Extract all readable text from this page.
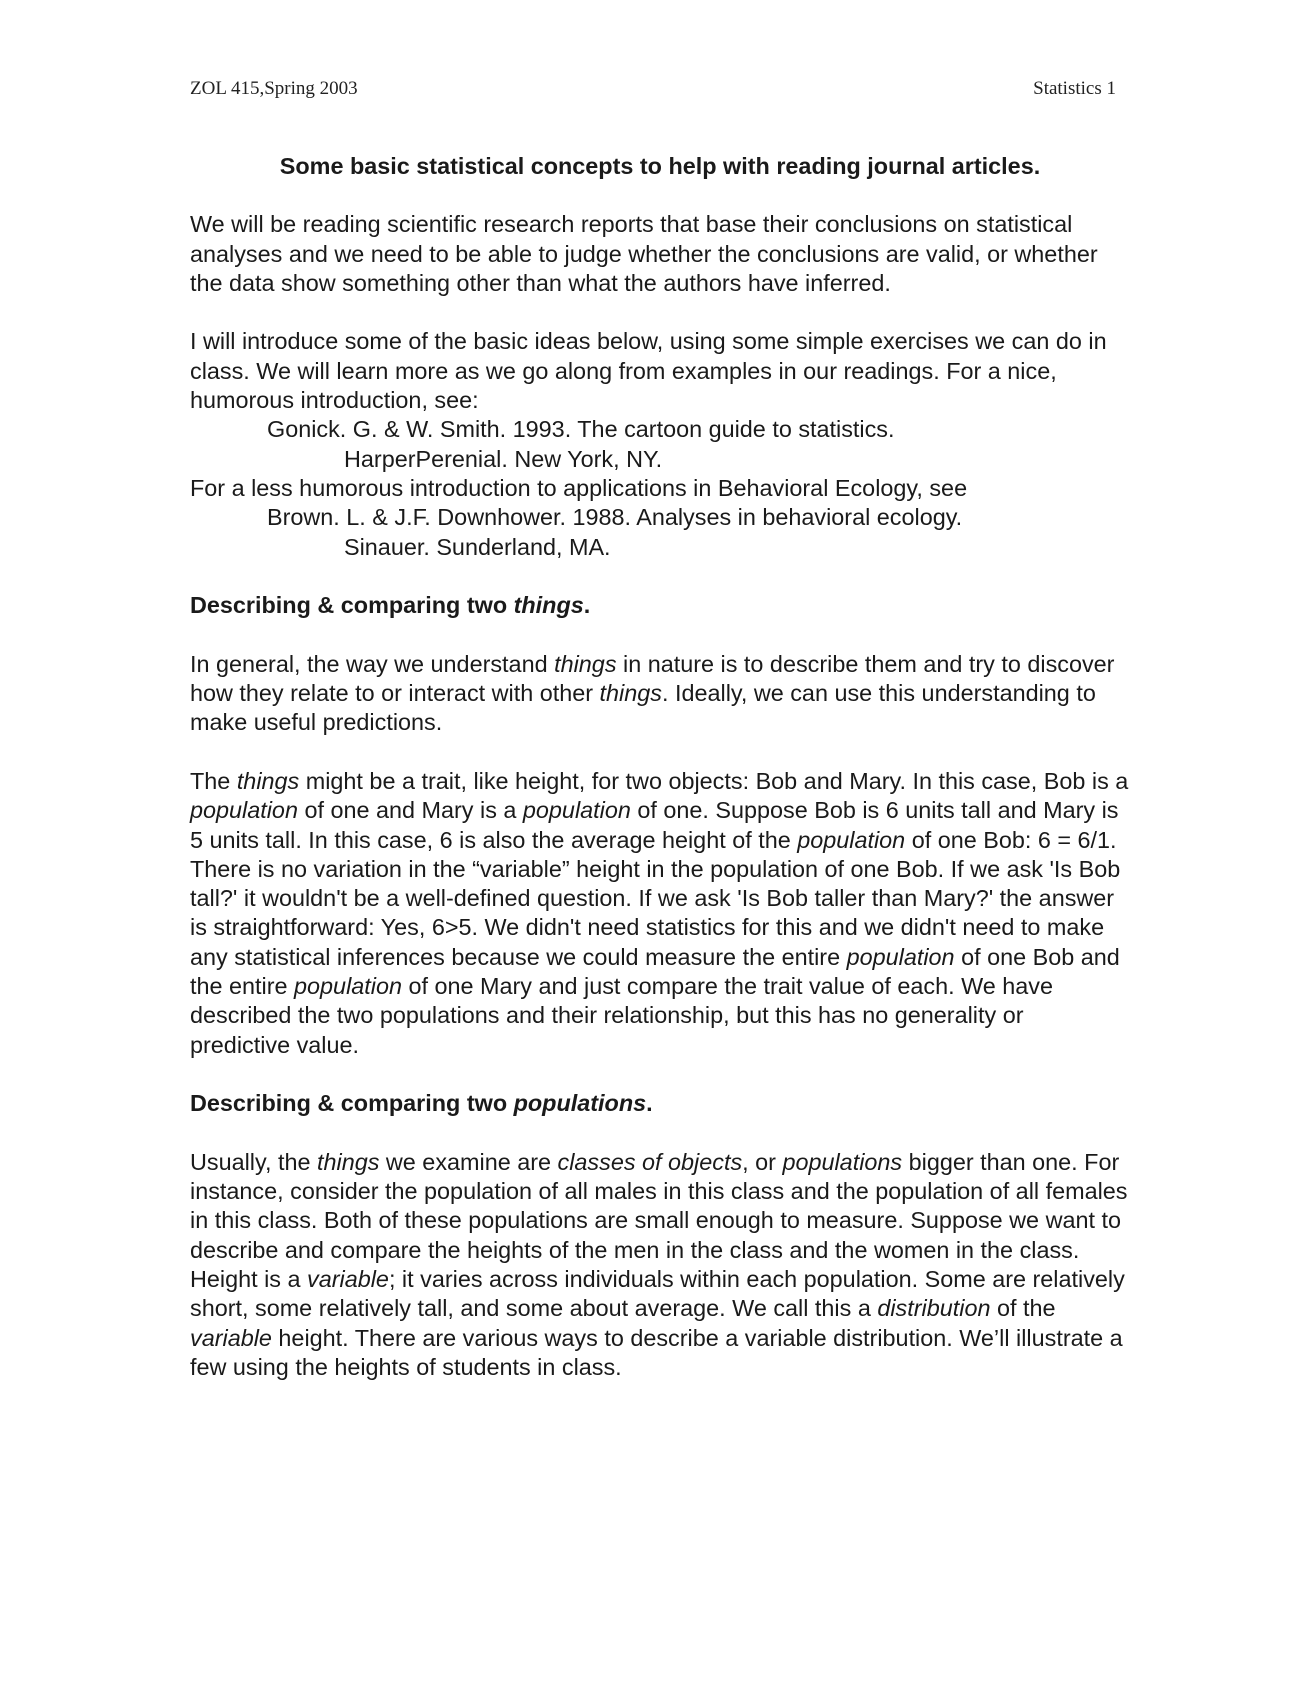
ZOL 415,Spring 2003	Statistics 1
Some basic statistical concepts to help with reading journal articles.

We will be reading scientific research reports that base their conclusions on statistical analyses and we need to be able to judge whether the conclusions are valid, or whether the data show something other than what the authors have inferred.

I will introduce some of the basic ideas below, using some simple exercises we can do in class. We will learn more as we go along from examples in our readings. For a nice, humorous introduction, see:
Gonick. G. & W. Smith. 1993. The cartoon guide to statistics.
HarperPerenial. New York, NY.
For a less humorous introduction to applications in Behavioral Ecology, see
Brown. L. & J.F. Downhower. 1988. Analyses in behavioral ecology.
Sinauer. Sunderland, MA.

Describing & comparing two things.

In general, the way we understand things in nature is to describe them and try to discover how they relate to or interact with other things. Ideally, we can use this understanding to make useful predictions.

The things might be a trait, like height, for two objects: Bob and Mary. In this case, Bob is a population of one and Mary is a population of one. Suppose Bob is 6 units tall and Mary is 5 units tall. In this case, 6 is also the average height of the population of one Bob: 6 = 6/1. There is no variation in the “variable” height in the population of one Bob. If we ask 'Is Bob tall?' it wouldn't be a well-defined question. If we ask 'Is Bob taller than Mary?' the answer is straightforward: Yes, 6>5. We didn't need statistics for this and we didn't need to make any statistical inferences because we could measure the entire population of one Bob and the entire population of one Mary and just compare the trait value of each. We have described the two populations and their relationship, but this has no generality or predictive value.

Describing & comparing two populations.

Usually, the things we examine are classes of objects, or populations bigger than one. For instance, consider the population of all males in this class and the population of all females in this class. Both of these populations are small enough to measure. Suppose we want to describe and compare the heights of the men in the class and the women in the class. Height is a variable; it varies across individuals within each population. Some are relatively short, some relatively tall, and some about average. We call this a distribution of the variable height. There are various ways to describe a variable distribution. We’ll illustrate a few using the heights of students in class.
